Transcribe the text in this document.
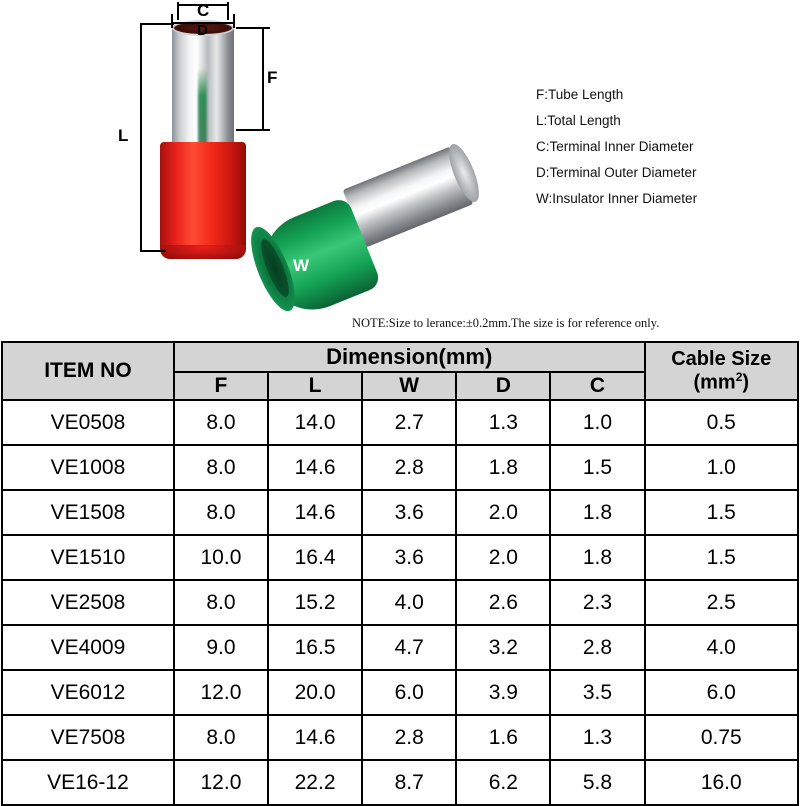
W
C
D
F
L
F:Tube Length
L:Total Length
C:Terminal Inner Diameter
D:Terminal Outer Diameter
W:Insulator Inner Diameter
NOTE:Size to lerance:±0.2mm.The size is for reference only.
ITEM NO	Dimension(mm)					Cable Size
$(mm^2)$

	F	L	W	D	C	
VE0508	8.0	14.0	2.7	1.3	1.0	0.5
VE1008	8.0	14.6	2.8	1.8	1.5	1.0
VE1508	8.0	14.6	3.6	2.0	1.8	1.5
VE1510	10.0	16.4	3.6	2.0	1.8	1.5
VE2508	8.0	15.2	4.0	2.6	2.3	2.5
VE4009	9.0	16.5	4.7	3.2	2.8	4.0
VE6012	12.0	20.0	6.0	3.9	3.5	6.0
VE7508	8.0	14.6	2.8	1.6	1.3	0.75
VE16-12	12.0	22.2	8.7	6.2	5.8	16.0
